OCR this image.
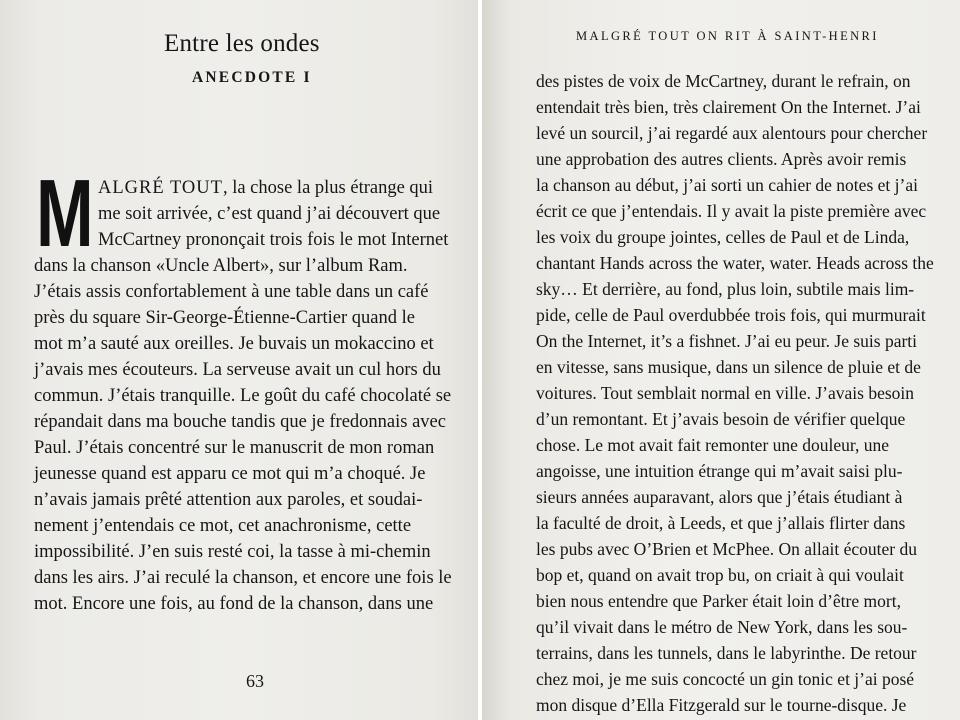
Entre les ondes
ANECDOTE I
M ALGRÉ TOUT, la chose la plus étrange qui

me soit arrivée, c’est quand j’ai découvert que

McCartney prononçait trois fois le mot Internet

dans la chanson «Uncle Albert», sur l’album Ram.

J’étais assis confortablement à une table dans un café

près du square Sir-George-Étienne-Cartier quand le

mot m’a sauté aux oreilles. Je buvais un mokaccino et

j’avais mes écouteurs. La serveuse avait un cul hors du

commun. J’étais tranquille. Le goût du café chocolaté se

répandait dans ma bouche tandis que je fredonnais avec

Paul. J’étais concentré sur le manuscrit de mon roman

jeunesse quand est apparu ce mot qui m’a choqué. Je

n’avais jamais prêté attention aux paroles, et soudai-

nement j’entendais ce mot, cet anachronisme, cette

impossibilité. J’en suis resté coi, la tasse à mi-chemin

dans les airs. J’ai reculé la chanson, et encore une fois le

mot. Encore une fois, au fond de la chanson, dans une

63

MALGRÉ TOUT ON RIT À SAINT-HENRI

des pistes de voix de McCartney, durant le refrain, on

entendait très bien, très clairement On the Internet. J’ai

levé un sourcil, j’ai regardé aux alentours pour chercher

une approbation des autres clients. Après avoir remis

la chanson au début, j’ai sorti un cahier de notes et j’ai

écrit ce que j’entendais. Il y avait la piste première avec

les voix du groupe jointes, celles de Paul et de Linda,

chantant Hands across the water, water. Heads across the

sky… Et derrière, au fond, plus loin, subtile mais lim-

pide, celle de Paul overdubbée trois fois, qui murmurait

On the Internet, it’s a fishnet. J’ai eu peur. Je suis parti

en vitesse, sans musique, dans un silence de pluie et de

voitures. Tout semblait normal en ville. J’avais besoin

d’un remontant. Et j’avais besoin de vérifier quelque

chose. Le mot avait fait remonter une douleur, une

angoisse, une intuition étrange qui m’avait saisi plu-

sieurs années auparavant, alors que j’étais étudiant à

la faculté de droit, à Leeds, et que j’allais flirter dans

les pubs avec O’Brien et McPhee. On allait écouter du

bop et, quand on avait trop bu, on criait à qui voulait

bien nous entendre que Parker était loin d’être mort,

qu’il vivait dans le métro de New York, dans les sou-

terrains, dans les tunnels, dans le labyrinthe. De retour

chez moi, je me suis concocté un gin tonic et j’ai posé

mon disque d’Ella Fitzgerald sur le tourne-disque. Je
